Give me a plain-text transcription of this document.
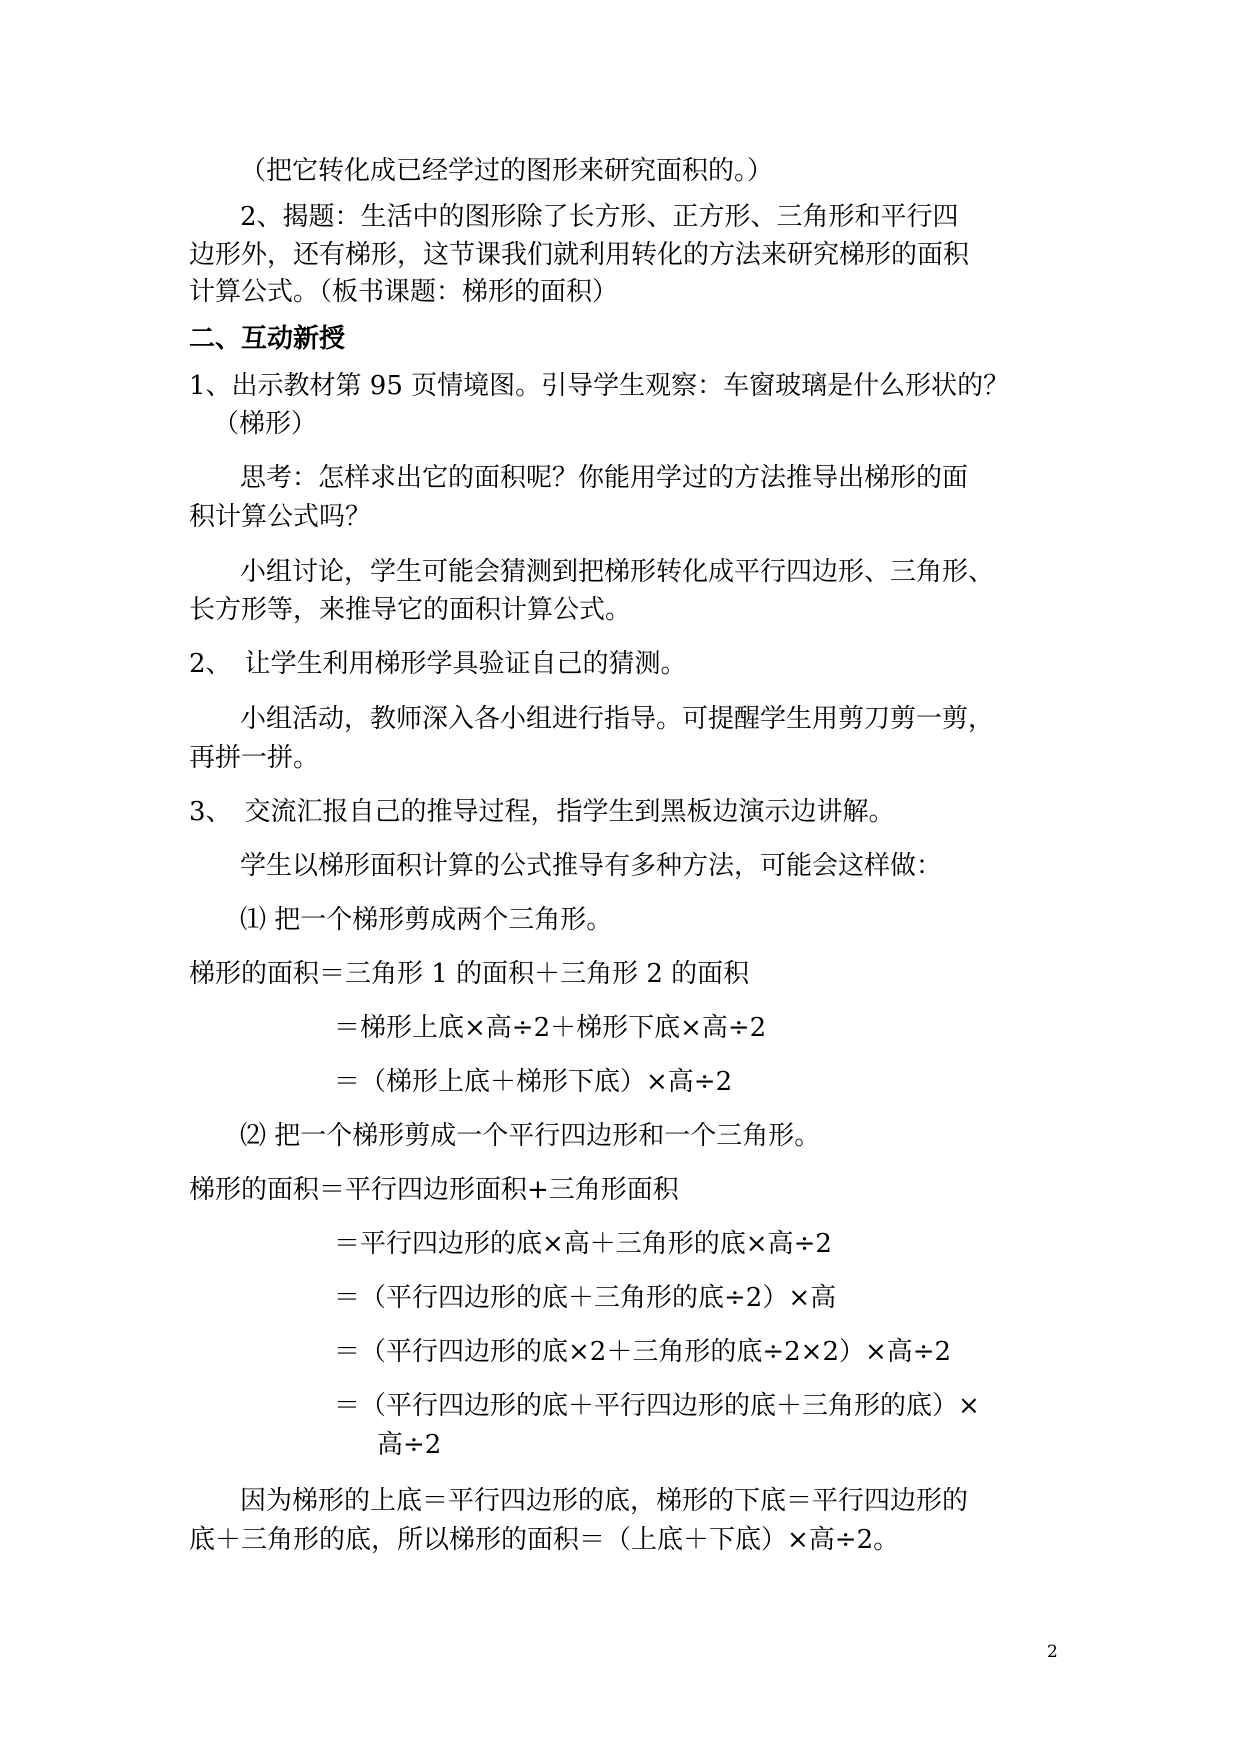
（把它转化成已经学过的图形来研究面积的。）
2、揭题：生活中的图形除了长方形、正方形、三角形和平行四
边形外，还有梯形，这节课我们就利用转化的方法来研究梯形的面积
计算公式。（板书课题：梯形的面积）
二、互动新授
1、出示教材第 95 页情境图。引导学生观察：车窗玻璃是什么形状的？
（梯形）
思考：怎样求出它的面积呢？你能用学过的方法推导出梯形的面
积计算公式吗？
小组讨论，学生可能会猜测到把梯形转化成平行四边形、三角形、
长方形等，来推导它的面积计算公式。
2、　让学生利用梯形学具验证自己的猜测。
小组活动，教师深入各小组进行指导。可提醒学生用剪刀剪一剪，
再拼一拼。
3、　交流汇报自己的推导过程，指学生到黑板边演示边讲解。
学生以梯形面积计算的公式推导有多种方法，可能会这样做：
⑴ 把一个梯形剪成两个三角形。
梯形的面积＝三角形 1 的面积＋三角形 2 的面积
＝梯形上底×高÷2＋梯形下底×高÷2
＝（梯形上底＋梯形下底）×高÷2
⑵ 把一个梯形剪成一个平行四边形和一个三角形。
梯形的面积＝平行四边形面积+三角形面积
＝平行四边形的底×高＋三角形的底×高÷2
＝（平行四边形的底＋三角形的底÷2）×高
＝（平行四边形的底×2＋三角形的底÷2×2）×高÷2
＝（平行四边形的底＋平行四边形的底＋三角形的底）×
高÷2
因为梯形的上底＝平行四边形的底，梯形的下底＝平行四边形的
底＋三角形的底，所以梯形的面积＝（上底＋下底）×高÷2。
2
